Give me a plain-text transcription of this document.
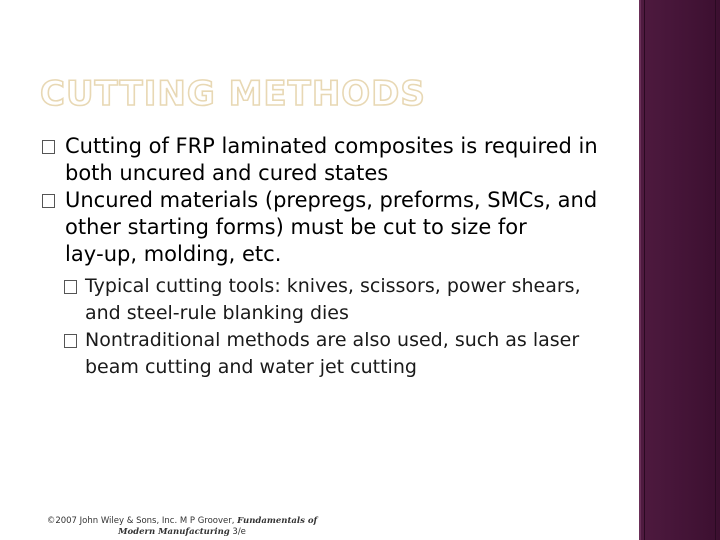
CUTTING METHODS
Cutting of FRP laminated composites is required in both uncured and cured states
Uncured materials (prepregs, preforms, SMCs, and other starting forms) must be cut to size for lay‑up, molding, etc.
Typical cutting tools: knives, scissors, power shears, and steel‑rule blanking dies
Nontraditional methods are also used, such as laser beam cutting and water jet cutting
©2007 John Wiley & Sons, Inc. M P Groover, Fundamentals of Modern Manufacturing 3/e
